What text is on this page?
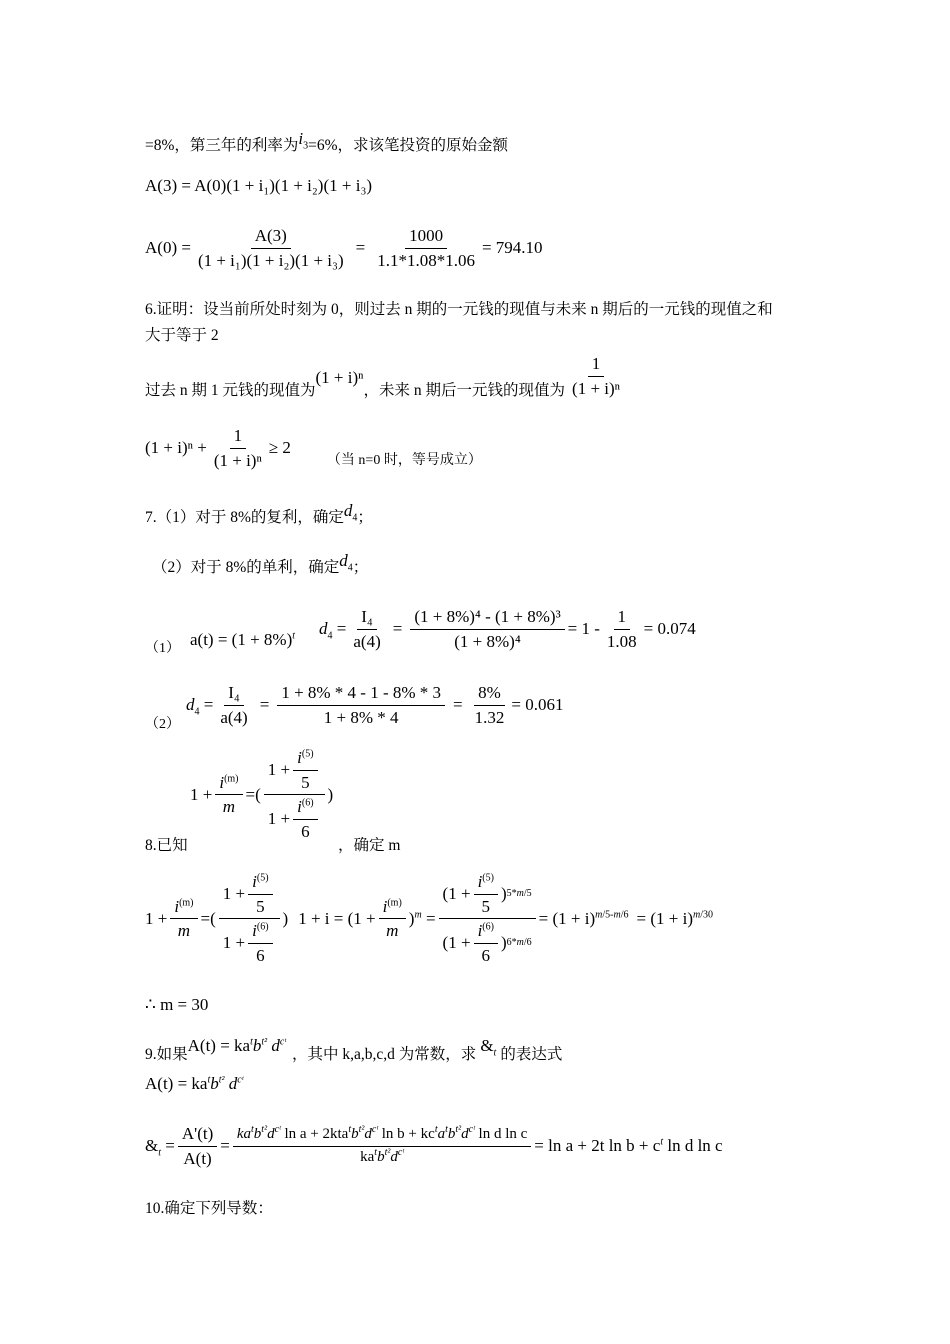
=8%，第三年的利率为$i_3=6\%$，求该笔投资的原始金额
A(3) = A(0)(1 + i₁)(1 + i₂)(1 + i₃)
$A(0) = \frac{A(3)}{\text{(1 + i₁)(1 + i₂)(1 + i₃)}} = \frac{1000}{1.1*1.08*1.06} = 794.10$
6.证明：设当前所处时刻为 0，则过去 n 期的一元钱的现值与未来 n 期后的一元钱的现值之和
大于等于 2
过去 n 期 1 元钱的现值为
(1 + i)ⁿ
，未来 n 期后一元钱的现值为 $\frac{1}{\text{(1 + i)ⁿ}}$
$(1 + i)^n + \frac{1}{\text{(1 + i)ⁿ}} \ge 2$
（当 n=0 时，等号成立）
7.（1）对于 8%的复利，确定$d_4$；
（2）对于 8%的单利，确定$d_4$；
（1） $a(t) = (1 + 8\%)^t$ $d_4 = \frac{\text{I₄}}{a(4)} = \frac{\text{(1 + 8\%)⁴ - (1 + 8\%)³}}{\text{(1 + 8\%)⁴}} = 1 - \frac{1}{1.08} = 0.074$
（2）
$d_4 = \frac{\text{I₄}}{a(4)} = \frac{1 + 8\% * 4 - 1 - 8\% * 3}{1 + 8\% * 4} = \frac{8\%}{1.32} = 0.061$
$1 + \frac{i^{(m)}}{m}$ =( $\frac{1 + \frac{i^{(5)}}{5}}{1 + \frac{i^{(6)}}{6}}$ )
8.已知	，确定 m
$1 + \frac{i^{(m)}}{m}$ =( $\frac{1 + \frac{i^{(5)}}{5}}{1 + \frac{i^{(6)}}{6}}$ ) $1 + i = (1 + \frac{i^{(m)}}{m} )^m = \frac{( 1 + \frac{i^{(5)}}{5} ) 5*m/5}{( 1 + \frac{i^{(6)}}{6} ) 6*m/6} = (1 + i)^{m/5-m/6} = (1 + i)^{m/30}$
∴ m = 30
9.如果 $A(t) = ka^tb^{t^2}$ $d^{cᵗ}$
，其中 k,a,b,c,d 为常数，求 $\&_t$ 的表达式
$A(t) = ka^tb^{t^2}$ $d^{cᵗ}$
$\&_t = \frac{A'(t)}{A(t)} = \frac{ka^tb^{t^2}d^{cᵗ} \ln a + 2kta^tb^{t^2}d^{cᵗ} \ln b + kc^ta^tb^{t^2}d^{cᵗ} \ln d \ln c}{ka^tb^{t^2}d^{cᵗ}} = \ln a + 2t$ $\ln b + c^t$ ln d ln c
10.确定下列导数：
